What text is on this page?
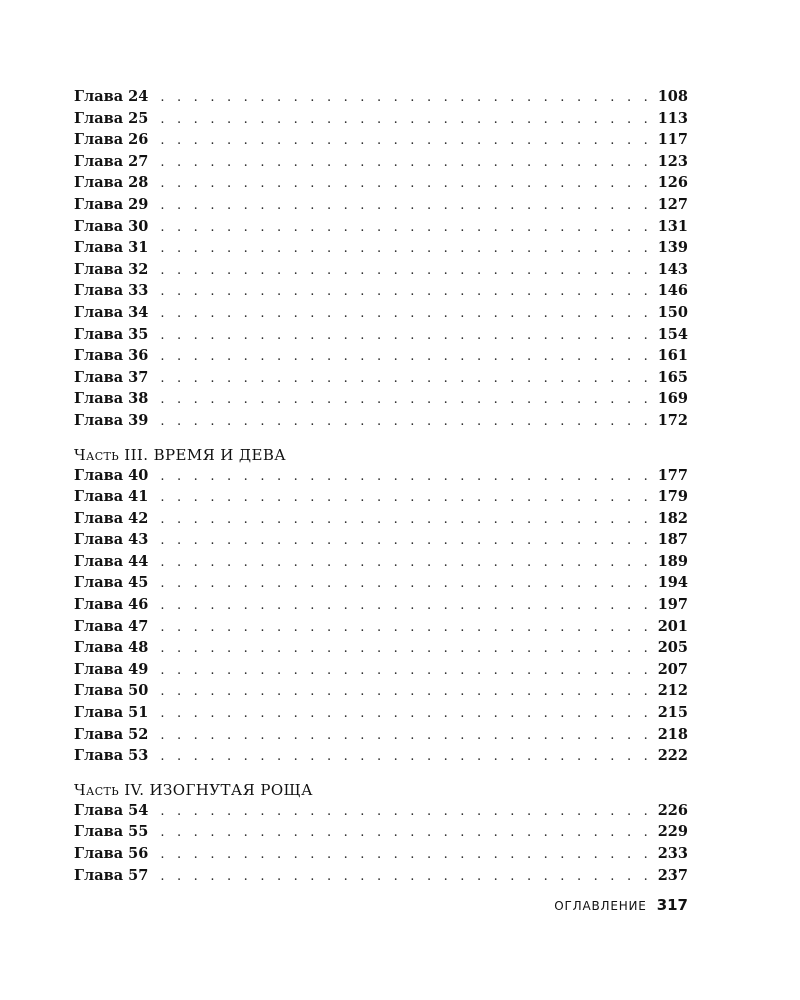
Глава 24 . . .	108
Глава 25 . . .	113
Глава 26 . . .	117
Глава 27 . . .	123
Глава 28 . . .	126
Глава 29 . . .	127
Глава 30 . . .	131
Глава 31 . . .	139
Глава 32 . . .	143
Глава 33 . . .	146
Глава 34 . . .	150
Глава 35 . . .	154
Глава 36 . . .	161
Глава 37 . . .	165
Глава 38 . . .	169
Глава 39 . . .	172
Часть III. ВРЕМЯ И ДЕВА
Глава 40 . . .	177
Глава 41 . . .	179
Глава 42 . . .	182
Глава 43 . . .	187
Глава 44 . . .	189
Глава 45 . . .	194
Глава 46 . . .	197
Глава 47 . . .	201
Глава 48 . . .	205
Глава 49 . . .	207
Глава 50 . . .	212
Глава 51 . . .	215
Глава 52 . . .	218
Глава 53 . . .	222
Часть IV. ИЗОГНУТАЯ РОЩА
Глава 54 . . .	226
Глава 55 . . .	229
Глава 56 . . .	233
Глава 57 . . .	237
ОГЛАВЛЕНИЕ 317
